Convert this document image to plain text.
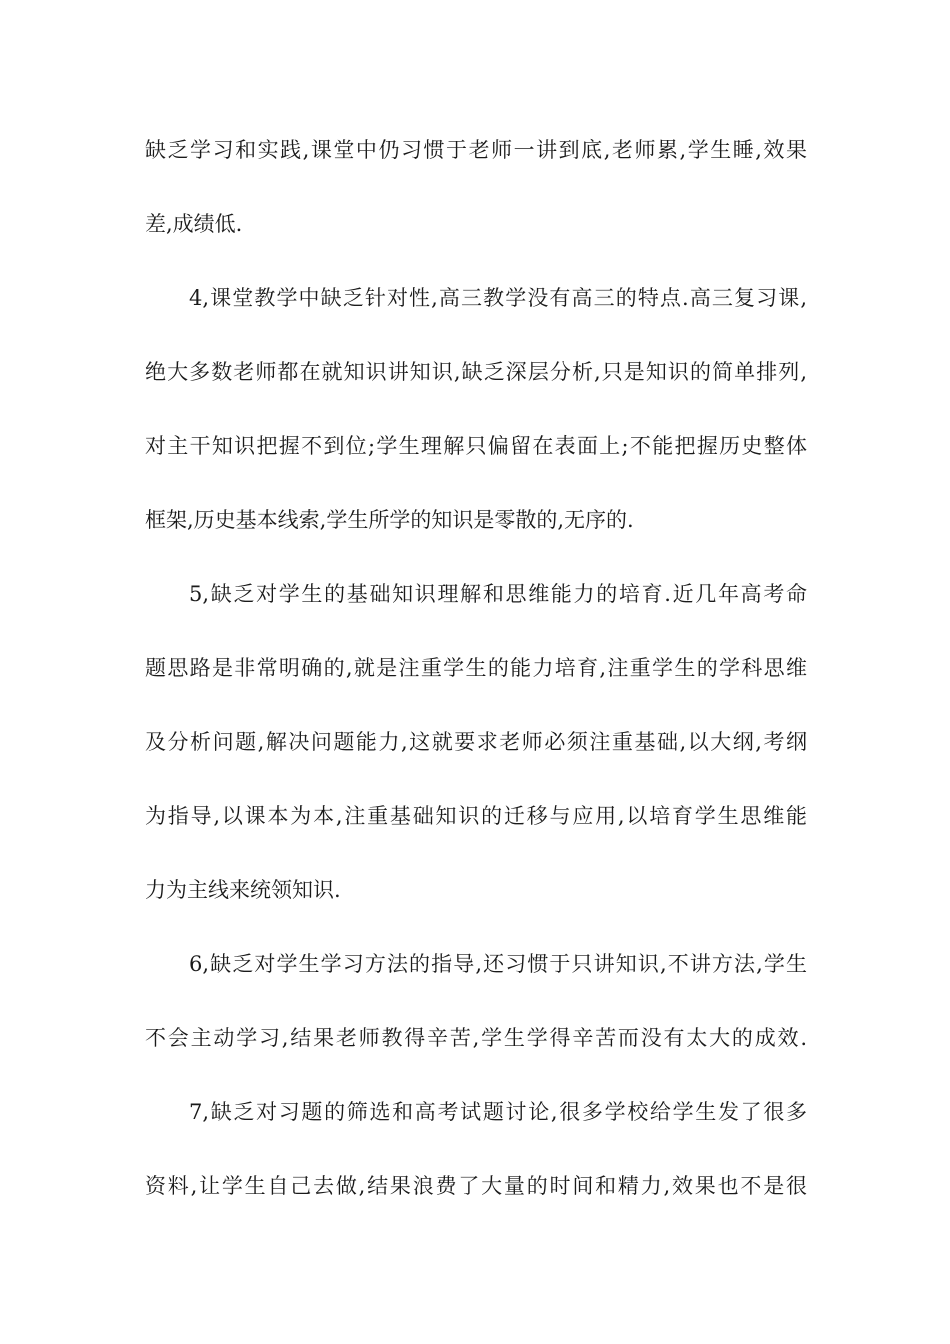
缺乏学习和实践,课堂中仍习惯于老师一讲到底,老师累,学生睡,效果
差,成绩低.
4,课堂教学中缺乏针对性,高三教学没有高三的特点.高三复习课,
绝大多数老师都在就知识讲知识,缺乏深层分析,只是知识的简单排列,
对主干知识把握不到位;学生理解只偏留在表面上;不能把握历史整体
框架,历史基本线索,学生所学的知识是零散的,无序的.
5,缺乏对学生的基础知识理解和思维能力的培育.近几年高考命
题思路是非常明确的,就是注重学生的能力培育,注重学生的学科思维
及分析问题,解决问题能力,这就要求老师必须注重基础,以大纲,考纲
为指导,以课本为本,注重基础知识的迁移与应用,以培育学生思维能
力为主线来统领知识.
6,缺乏对学生学习方法的指导,还习惯于只讲知识,不讲方法,学生
不会主动学习,结果老师教得辛苦,学生学得辛苦而没有太大的成效.
7,缺乏对习题的筛选和高考试题讨论,很多学校给学生发了很多
资料,让学生自己去做,结果浪费了大量的时间和精力,效果也不是很
